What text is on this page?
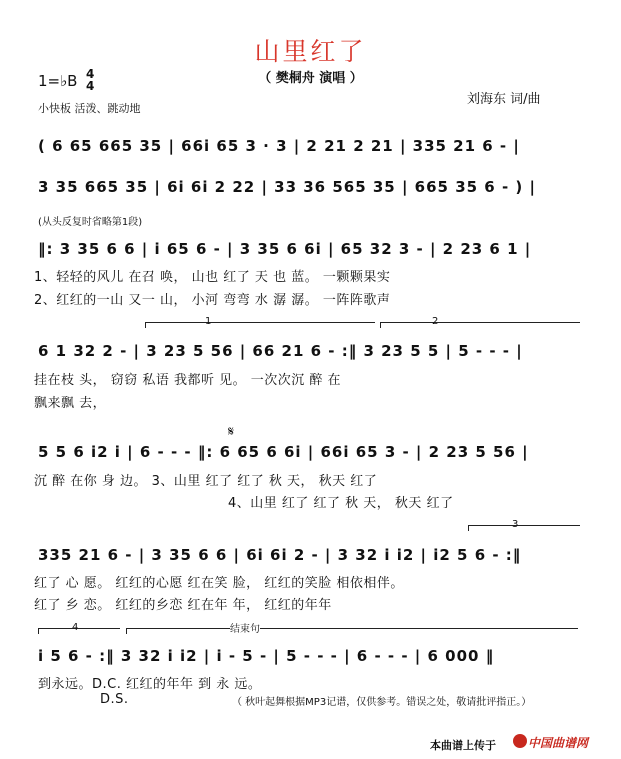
山里红了
（ 樊桐舟 演唱 ）
1=♭B 4
4
小快板 活泼、跳动地
刘海东 词/曲
( 6 65 665 35 | 66i 65 3 · 3 | 2 21 2 21 | 335 21 6 - |
3 35 665 35 | 6i 6i 2 22 | 33 36 565 35 | 665 35 6 - ) |
(从头反复时省略第1段)
‖: 3 35 6 6 | i 65 6 - | 3 35 6 6i | 65 32 3 - | 2 23 6 1 |
1、轻轻的风儿 在召 唤， 山也 红了 天 也 蓝。 一颗颗果实
2、红红的一山 又一 山， 小河 弯弯 水 潺 潺。 一阵阵歌声
1	2
6 1 32 2 - | 3 23 5 56 | 66 21 6 - :‖ 3 23 5 5 | 5 - - - |
挂在枝 头， 窃窃 私语 我都听 见。 一次次沉 醉 在
飘来飘 去，
𝄋
5 5 6 i2 i | 6 - - - ‖: 6 65 6 6i | 66i 65 3 - | 2 23 5 56 |
沉 醉 在你 身 边。 3、山里 红了 红了 秋 天， 秋天 红了
4、山里 红了 红了 秋 天， 秋天 红了
3
335 21 6 - | 3 35 6 6 | 6i 6i 2 - | 3 32 i i2 | i2 5 6 - :‖
红了 心 愿。 红红的心愿 红在笑 脸， 红红的笑脸 相依相伴。
红了 乡 恋。 红红的乡恋 红在年 年， 红红的年年
4	结束句
i 5 6 - :‖ 3 32 i i2 | i - 5 - | 5 - - - | 6 - - - | 6 000 ‖
到永远。D.C. 红红的年年 到 永 远。
D.S.	（ 秋叶起舞根据MP3记谱，仅供参考。错误之处，敬请批评指正。）
本曲谱上传于	中国曲谱网
